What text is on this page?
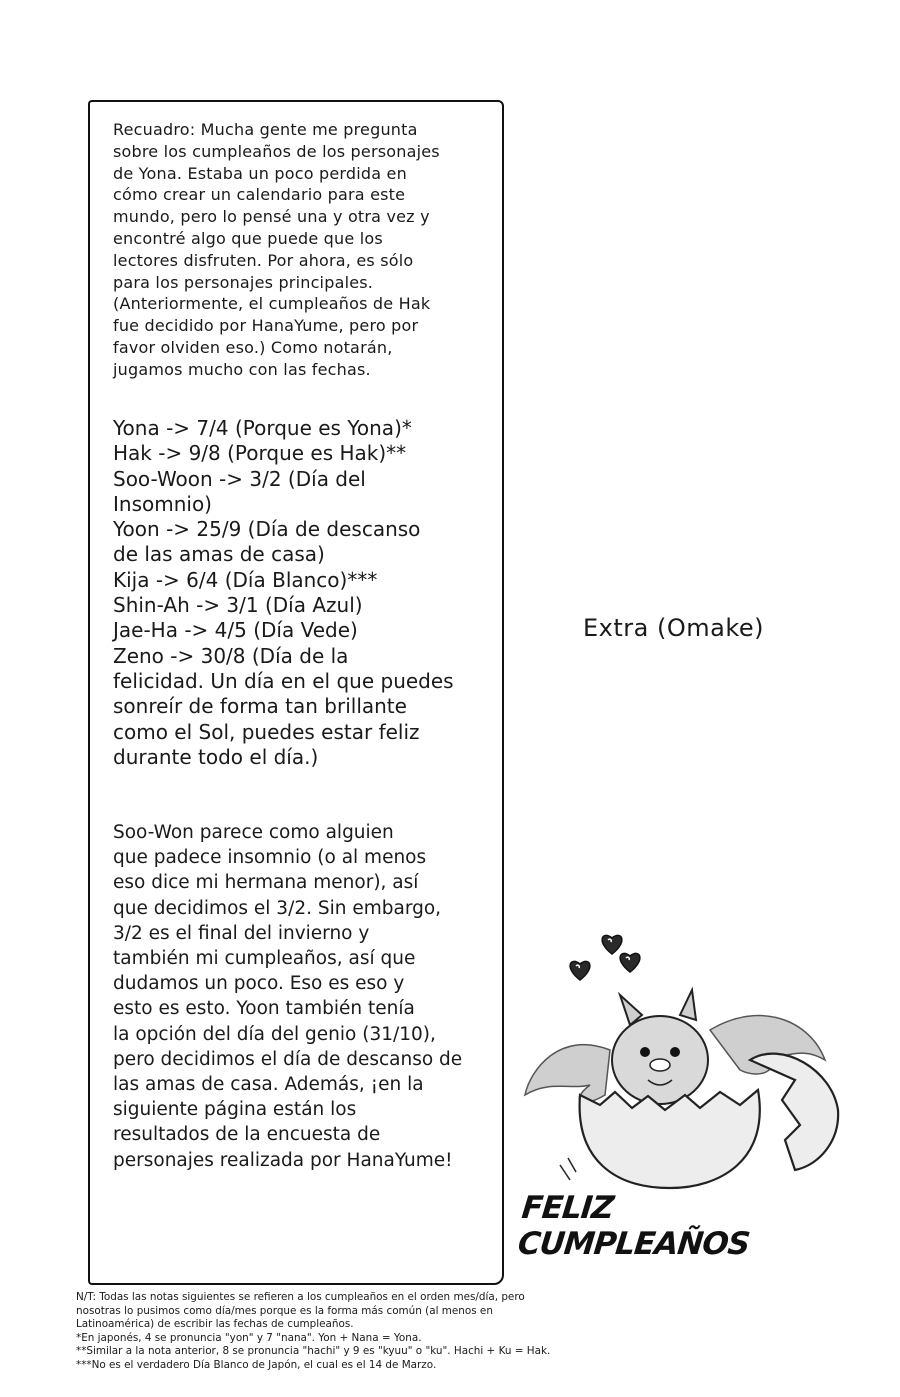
Recuadro: Mucha gente me pregunta

sobre los cumpleaños de los personajes

de Yona. Estaba un poco perdida en

cómo crear un calendario para este

mundo, pero lo pensé una y otra vez y

encontré algo que puede que los

lectores disfruten. Por ahora, es sólo

para los personajes principales.

(Anteriormente, el cumpleaños de Hak

fue decidido por HanaYume, pero por

favor olviden eso.) Como notarán,

jugamos mucho con las fechas.

Yona -> 7/4 (Porque es Yona)*
Hak -> 9/8 (Porque es Hak)**
Soo-Woon -> 3/2 (Día del
Insomnio)
Yoon -> 25/9 (Día de descanso
de las amas de casa)
Kija -> 6/4 (Día Blanco)***
Shin-Ah -> 3/1 (Día Azul)
Jae-Ha -> 4/5 (Día Vede)
Zeno -> 30/8 (Día de la
felicidad. Un día en el que puedes
sonreír de forma tan brillante
como el Sol, puedes estar feliz
durante todo el día.)
Soo-Won parece como alguien
que padece insomnio (o al menos
eso dice mi hermana menor), así
que decidimos el 3/2. Sin embargo,
3/2 es el final del invierno y
también mi cumpleaños, así que
dudamos un poco. Eso es eso y
esto es esto. Yoon también tenía
la opción del día del genio (31/10),
pero decidimos el día de descanso de
las amas de casa. Además, ¡en la
siguiente página están los
resultados de la encuesta de
personajes realizada por HanaYume!
Extra (Omake)
FELIZ CUMPLEAÑOS

N/T: Todas las notas siguientes se refieren a los cumpleaños en el orden mes/día, pero

nosotras lo pusimos como día/mes porque es la forma más común (al menos en

Latinoamérica) de escribir las fechas de cumpleaños.

*En japonés, 4 se pronuncia "yon" y 7 "nana". Yon + Nana = Yona.

**Similar a la nota anterior, 8 se pronuncia "hachi" y 9 es "kyuu" o "ku". Hachi + Ku = Hak.

***No es el verdadero Día Blanco de Japón, el cual es el 14 de Marzo.
